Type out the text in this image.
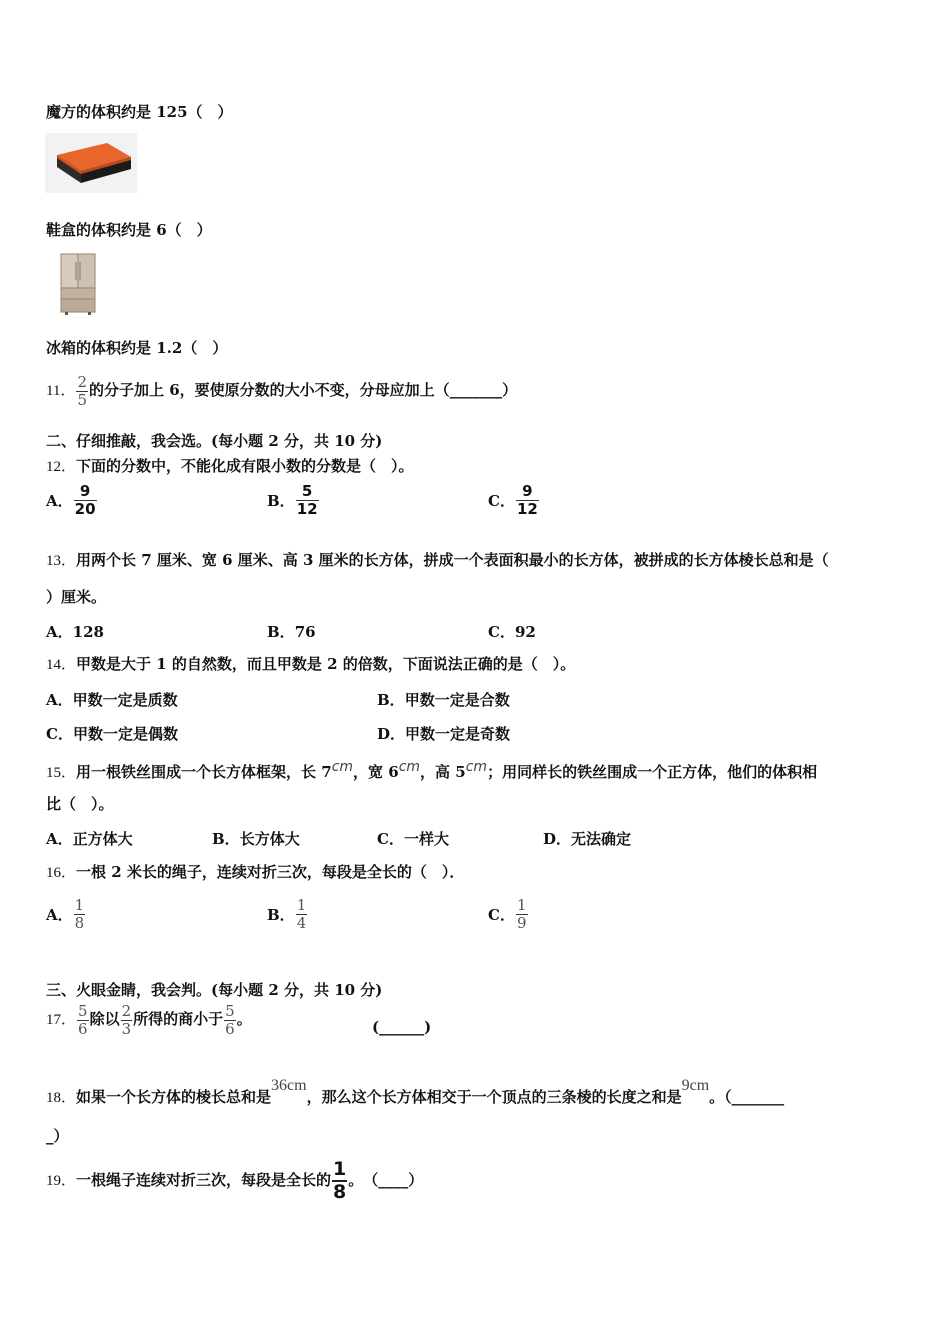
魔方的体积约是 125（　）
鞋盒的体积约是 6（　）
冰箱的体积约是 1.2（　）
11． $\frac{2}{5}$ 的分子加上 6，要使原分数的大小不变，分母应加上（_______）
二、仔细推敲，我会选。(每小题 2 分，共 10 分)
12．下面的分数中，不能化成有限小数的分数是（　）。
A． $\frac{9}{20}$	B． $\frac{5}{12}$	C． $\frac{9}{12}$
13．用两个长 7 厘米、宽 6 厘米、高 3 厘米的长方体，拼成一个表面积最小的长方体，被拼成的长方体棱长总和是（
）厘米。
A．128	B．76	C．92
14．甲数是大于 1 的自然数，而且甲数是 2 的倍数，下面说法正确的是（　）。
A．甲数一定是质数	B．甲数一定是合数
C．甲数一定是偶数	D．甲数一定是奇数
15．用一根铁丝围成一个长方体框架，长 7cm，宽 6cm，高 5cm；用同样长的铁丝围成一个正方体，他们的体积相
比（　）。
A．正方体大	B．长方体大	C．一样大	D．无法确定
16．一根 2 米长的绳子，连续对折三次，每段是全长的（　）．
A． $\frac{1}{8}$	B． $\frac{1}{4}$	C． $\frac{1}{9}$
三、火眼金睛，我会判。(每小题 2 分，共 10 分)
17． $\frac{5}{6}$ 除以 $\frac{2}{3}$ 所得的商小于 $\frac{5}{6}$ 。	(______)
18．如果一个长方体的棱长总和是36cm，那么这个长方体相交于一个顶点的三条棱的长度之和是9cm。（_______
_）
19．一根绳子连续对折三次，每段是全长的 $\frac{1}{8}$ 。　（____）
